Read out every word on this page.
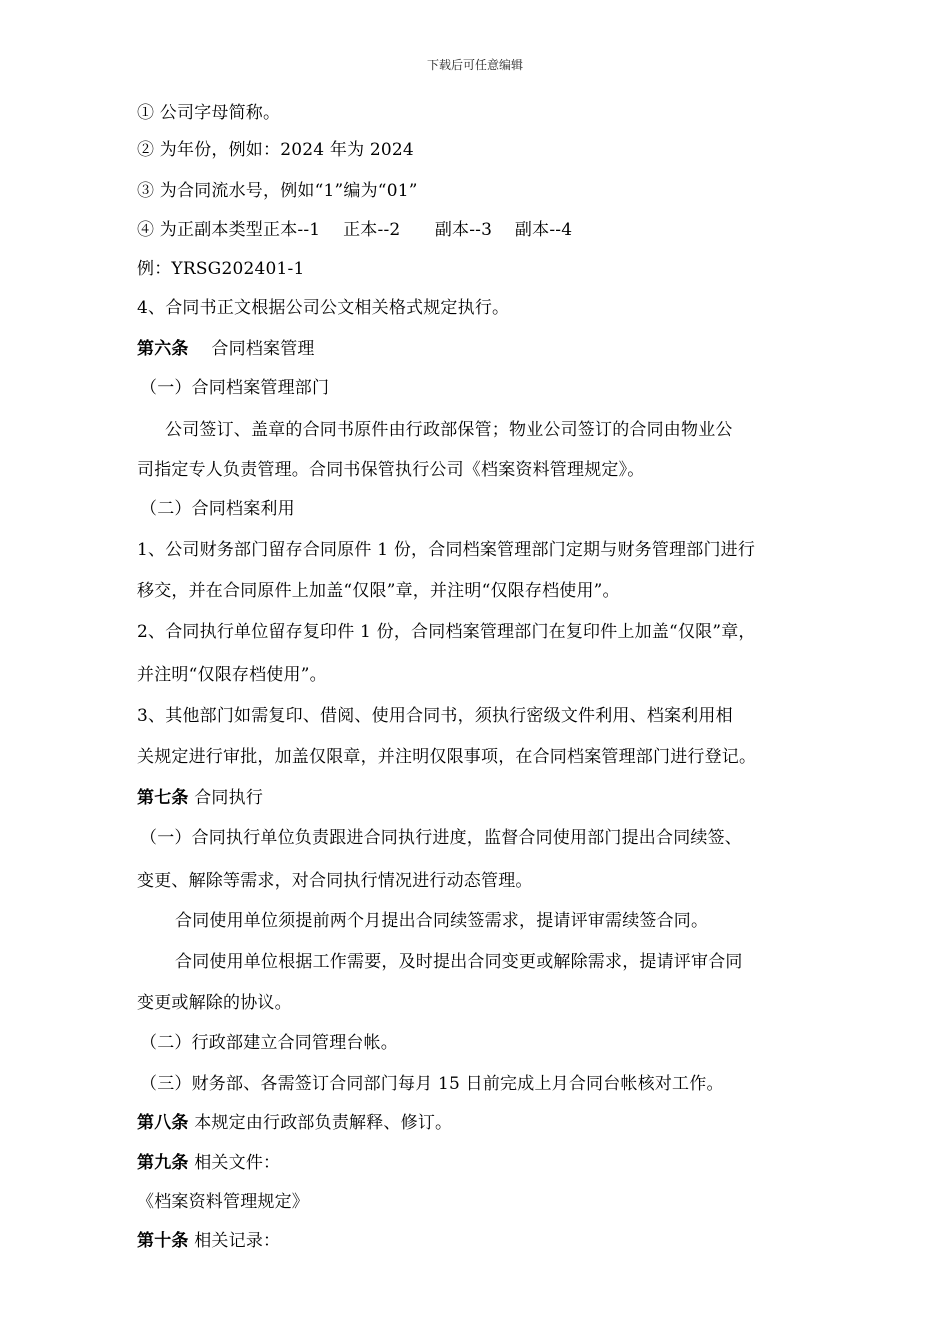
下载后可任意编辑
① 公司字母简称。
② 为年份，例如：2024 年为 2024
③ 为合同流水号，例如“1”编为“01”
④ 为正副本类型正本--1　 正本--2　　副本--3　 副本--4
例：YRSG202401-1
4、合同书正文根据公司公文相关格式规定执行。
第六条　 合同档案管理
（一）合同档案管理部门
公司签订、盖章的合同书原件由行政部保管；物业公司签订的合同由物业公
司指定专人负责管理。合同书保管执行公司《档案资料管理规定》。
（二）合同档案利用
1、公司财务部门留存合同原件 1 份，合同档案管理部门定期与财务管理部门进行
移交，并在合同原件上加盖“仅限”章，并注明“仅限存档使用”。
2、合同执行单位留存复印件 1 份，合同档案管理部门在复印件上加盖“仅限”章，
并注明“仅限存档使用”。
3、其他部门如需复印、借阅、使用合同书，须执行密级文件利用、档案利用相
关规定进行审批，加盖仅限章，并注明仅限事项，在合同档案管理部门进行登记。
第七条 合同执行
（一）合同执行单位负责跟进合同执行进度，监督合同使用部门提出合同续签、
变更、解除等需求，对合同执行情况进行动态管理。
合同使用单位须提前两个月提出合同续签需求，提请评审需续签合同。
合同使用单位根据工作需要，及时提出合同变更或解除需求，提请评审合同
变更或解除的协议。
（二）行政部建立合同管理台帐。
（三）财务部、各需签订合同部门每月 15 日前完成上月合同台帐核对工作。
第八条 本规定由行政部负责解释、修订。
第九条 相关文件：
《档案资料管理规定》
第十条 相关记录：
